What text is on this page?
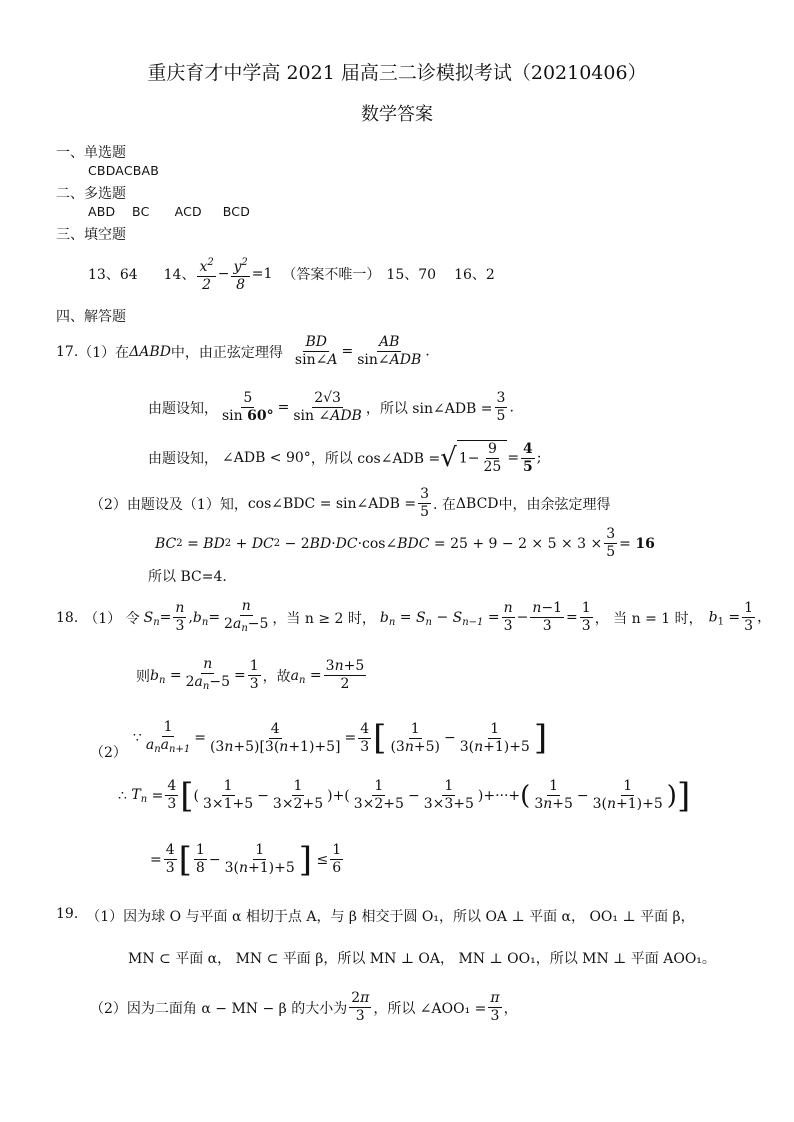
重庆育才中学高 2021 届高三二诊模拟考试（20210406）
数学答案
一、单选题
CBDACBAB
二、多选题
ABD    BC      ACD     BCD
三、填空题
13、64 14、 $\frac{x^2}{2} - \frac{y^2}{8} =1$ （答案不唯一） 15、70 16、2
四、解答题
17. （1）在 ΔABD 中，由正弦定理得 $\frac{BD}{\sin\angle A} = \frac{AB}{\text{sin∠ADB}}$ .
由题设知， $\frac{5}{\sin 60^\circ} = \frac{2√3}{\text{sin ∠ADB}}$ ，所以 sin∠ADB = $\frac{3}{5}$ .
由题设知， ∠ADB < 90° ，所以 cos∠ADB = √ $1- \frac{9}{25} = \frac{4}{5}$ ;
（2）由题设及（1）知， cos∠BDC = sin∠ADB = $\frac{3}{5}$ . 在 ΔBCD 中，由余弦定理得
BC 2 = BD 2 + DC 2 − 2 BD · DC ·cos∠ BDC = $25 + 9 - 2 \times 5 \times 3 \times \frac{3}{5} = 16$
所以 BC=4.
18. （1） 令 $S_n= \frac{n}{3} ,b_n= \frac{n}{2a_n-5}$ ，当 n ≥ 2 时， $b_n = S_n - S_{n-1} = \frac{n}{3} - \frac{n-1}{3} = \frac{1}{3}$ ， 当 n = 1 时， $b_1 = \frac{1}{3}$ ，
则 $b_n = \frac{n}{2a_n-5} = \frac{1}{3}$ ，故 $a_n = \frac{3n+5}{2}$
（2）
∵ $\frac{1}{a_na_{n+1}} = \frac{4}{(3n+5)[3(n+1)+5]} = \frac{4}{3}$ [ $\frac{1}{(3n+5)} - \frac{1}{3(n+1)+5}$ ]
∴ $T_n = \frac{4}{3}$ [ ( $\frac{1}{3\times 1+5} - \frac{1}{3\times 2+5}$ )+( $\frac{1}{3\times 2+5} - \frac{1}{3\times 3+5}$ )+···+ ( $\frac{1}{3n+5} - \frac{1}{3(n+1)+5}$ ) ]
= $\frac{4}{3}$ [ $\frac{1}{8} - \frac{1}{3(n+1)+5}$ ] ≤ $\frac{1}{6}$
19. （1）因为球 O 与平面 α 相切于点 A，与 β 相交于圆 O₁，所以 OA ⊥ 平面 α， OO₁ ⊥ 平面 β，
MN ⊂ 平面 α， MN ⊂ 平面 β，所以 MN ⊥ OA， MN ⊥ OO₁，所以 MN ⊥ 平面 AOO₁。
（2）因为二面角 α − MN − β 的大小为 $\frac{2\pi}{3}$ ，所以 ∠AOO₁ = $\frac{\pi}{3}$ ，
